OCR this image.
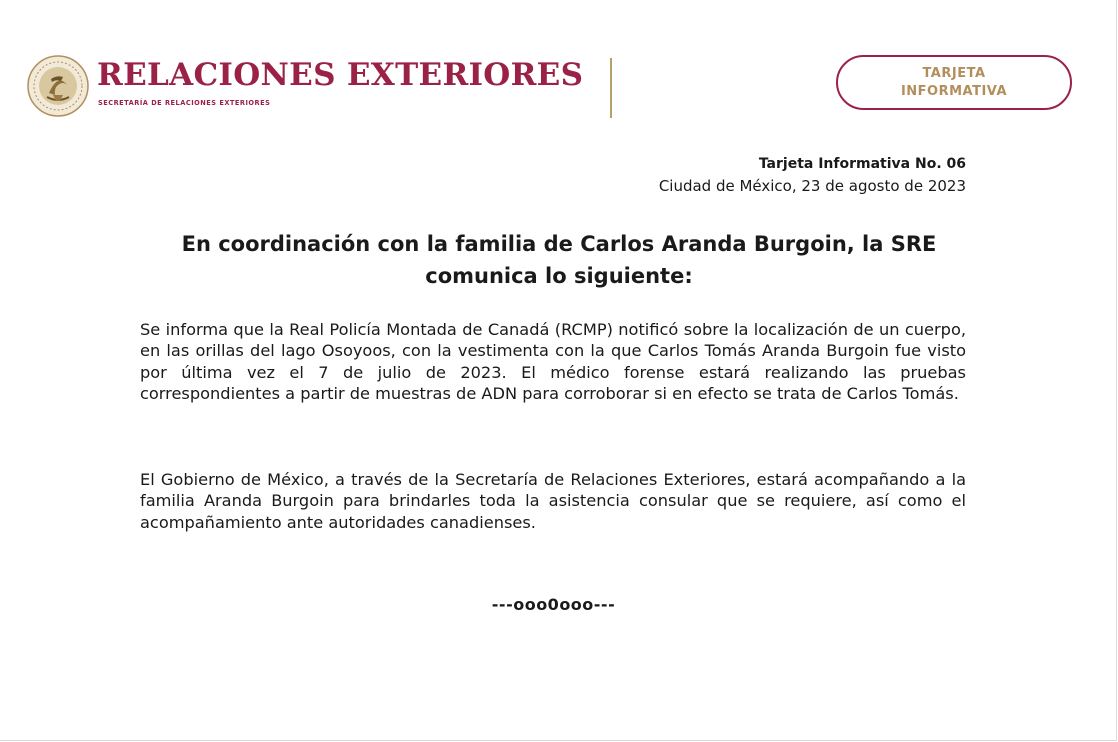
RELACIONES EXTERIORES
SECRETARÍA DE RELACIONES EXTERIORES
TARJETA
INFORMATIVA
Tarjeta Informativa No. 06
Ciudad de México, 23 de agosto de 2023
En coordinación con la familia de Carlos Aranda Burgoin, la SRE comunica lo siguiente:

Se informa que la Real Policía Montada de Canadá (RCMP) notificó sobre la localización de un cuerpo, en las orillas del lago Osoyoos, con la vestimenta con la que Carlos Tomás Aranda Burgoin fue visto por última vez el 7 de julio de 2023. El médico forense estará realizando las pruebas correspondientes a partir de muestras de ADN para corroborar si en efecto se trata de Carlos Tomás.

El Gobierno de México, a través de la Secretaría de Relaciones Exteriores, estará acompañando a la familia Aranda Burgoin para brindarles toda la asistencia consular que se requiere, así como el acompañamiento ante autoridades canadienses.

---ooo0ooo---
